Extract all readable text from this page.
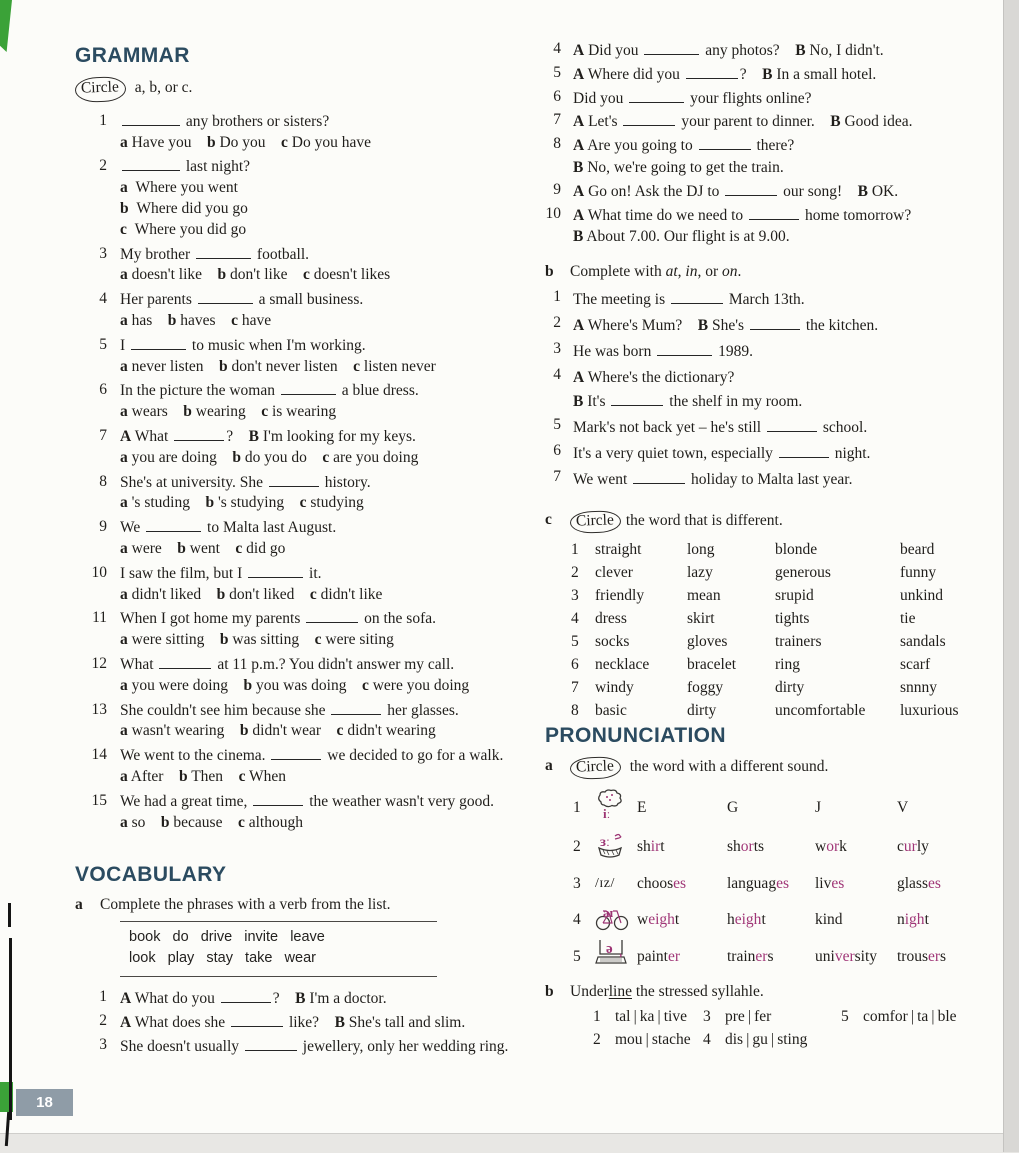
18
GRAMMAR
Circle a, b, or c.
1	any brothers or sisters?
a Have you   b Do you   c Do you have
2	last night?
a Where you went
b Where did you go
c Where you did go
3 My brother	football.
a doesn't like   b don't like   c doesn't likes
4 Her parents	a small business.
a has   b haves   c have
5 I	to music when I'm working.
a never listen   b don't never listen   c listen never
6 In the picture the woman	a blue dress.
a wears   b wearing   c is wearing
7 A What	?   B I'm looking for my keys.
a you are doing   b do you do   c are you doing
8 She's at university. She	history.
a 's studing   b 's studying   c studying
9 We	to Malta last August.
a were   b went   c did go
10 I saw the film, but I	it.
a didn't liked   b don't liked   c didn't like
11 When I got home my parents	on the sofa.
a were sitting   b was sitting   c were siting
12 What	at 11 p.m.? You didn't answer my call.
a you were doing   b you was doing   c were you doing
13 She couldn't see him because she	her glasses.
a wasn't wearing   b didn't wear   c didn't wearing
14 We went to the cinema.	we decided to go for a walk.
a After   b Then   c When
15 We had a great time,	the weather wasn't very good.
a so   b because   c although
VOCABULARY
a	Complete the phrases with a verb from the list.
book   do   drive   invite   leave
look   play   stay   take   wear
1 A What do you	?   B I'm a doctor.
2 A What does she	like?   B She's tall and slim.
3 She doesn't usually	jewellery, only her wedding ring.
4 A Did you	any photos?   B No, I didn't.
5 A Where did you	?   B In a small hotel.
6 Did you	your flights online?
7 A Let's	your parent to dinner.   B Good idea.
8 A Are you going to	there?
B No, we're going to get the train.
9 A Go on! Ask the DJ to	our song!   B OK.
10 A What time do we need to	home tomorrow?
B About 7.00. Our flight is at 9.00.
b	Complete with at, in, or on.
1 The meeting is	March 13th.
2 A Where's Mum?   B She's	the kitchen.
3 He was born	1989.
4 A Where's the dictionary?
B It's	the shelf in my room.
5 Mark's not back yet – he's still	school.
6 It's a very quiet town, especially	night.
7 We went	holiday to Malta last year.
c	Circle the word that is different.
1	straight	long	blonde	beard
2	clever	lazy	generous	funny
3	friendly	mean	srupid	unkind
4	dress	skirt	tights	tie
5	socks	gloves	trainers	sandals
6	necklace	bracelet	ring	scarf
7	windy	foggy	dirty	snnny
8	basic	dirty	uncomfortable	luxurious
PRONUNCIATION
a	Circle the word with a different sound.
1	iː E	G	J	V
2	ɜː shirt	shorts	work	curly
3	/ɪz/ chooses	languages	lives	glasses
4	aɪ weight	height	kind	night
5	ə painter	trainers	university	trousers
b	Underline the stressed syllahle.
1 tal | ka | tive 3 pre | fer	5 comfor | ta | ble
2 mou | stache 4 dis | gu | sting
